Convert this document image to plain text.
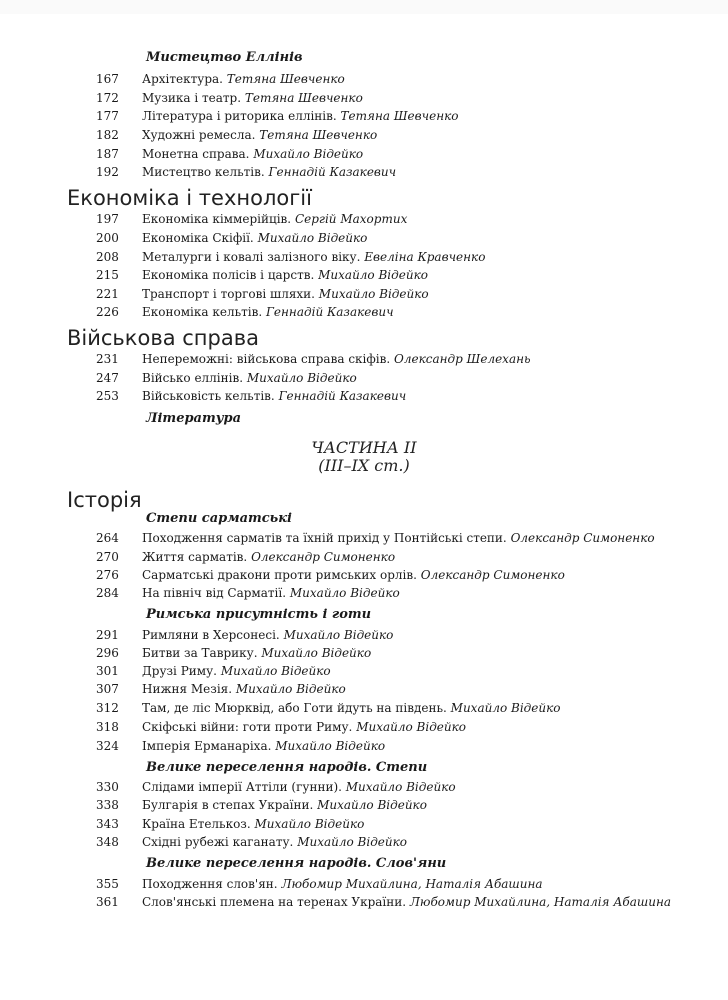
Мистецтво Еллінів
167 Архітектура. Тетяна Шевченко
172 Музика і театр. Тетяна Шевченко
177 Література і риторика еллінів. Тетяна Шевченко
182 Художні ремесла. Тетяна Шевченко
187 Монетна справа. Михайло Відейко
192 Мистецтво кельтів. Геннадій Казакевич
Економіка і технології
197 Економіка кіммерійців. Сергій Махортих
200 Економіка Скіфії. Михайло Відейко
208 Металурги і ковалі залізного віку. Евеліна Кравченко
215 Економіка полісів і царств. Михайло Відейко
221 Транспорт і торгові шляхи. Михайло Відейко
226 Економіка кельтів. Геннадій Казакевич
Військова справа
231 Непереможні: військова справа скіфів. Олександр Шелехань
247 Військо еллінів. Михайло Відейко
253 Військовість кельтів. Геннадій Казакевич
Література
ЧАСТИНА ІІ
(ІІІ–ІХ ст.)
Історія
Степи сарматські
264 Походження сарматів та їхній прихід у Понтійські степи. Олександр Симоненко
270 Життя сарматів. Олександр Симоненко
276 Сарматські дракони проти римських орлів. Олександр Симоненко
284 На північ від Сарматії. Михайло Відейко
Римська присутність і готи
291 Римляни в Херсонесі. Михайло Відейко
296 Битви за Таврику. Михайло Відейко
301 Друзі Риму. Михайло Відейко
307 Нижня Мезія. Михайло Відейко
312 Там, де ліс Мюрквід, або Готи йдуть на південь. Михайло Відейко
318 Скіфські війни: готи проти Риму. Михайло Відейко
324 Імперія Ерманаріха. Михайло Відейко
Велике переселення народів. Степи
330 Слідами імперії Аттіли (гунни). Михайло Відейко
338 Булгарія в степах України. Михайло Відейко
343 Країна Етелькоз. Михайло Відейко
348 Східні рубежі каганату. Михайло Відейко
Велике переселення народів. Слов'яни
355 Походження слов'ян. Любомир Михайлина, Наталія Абашина
361 Слов'янські племена на теренах України. Любомир Михайлина, Наталія Абашина
